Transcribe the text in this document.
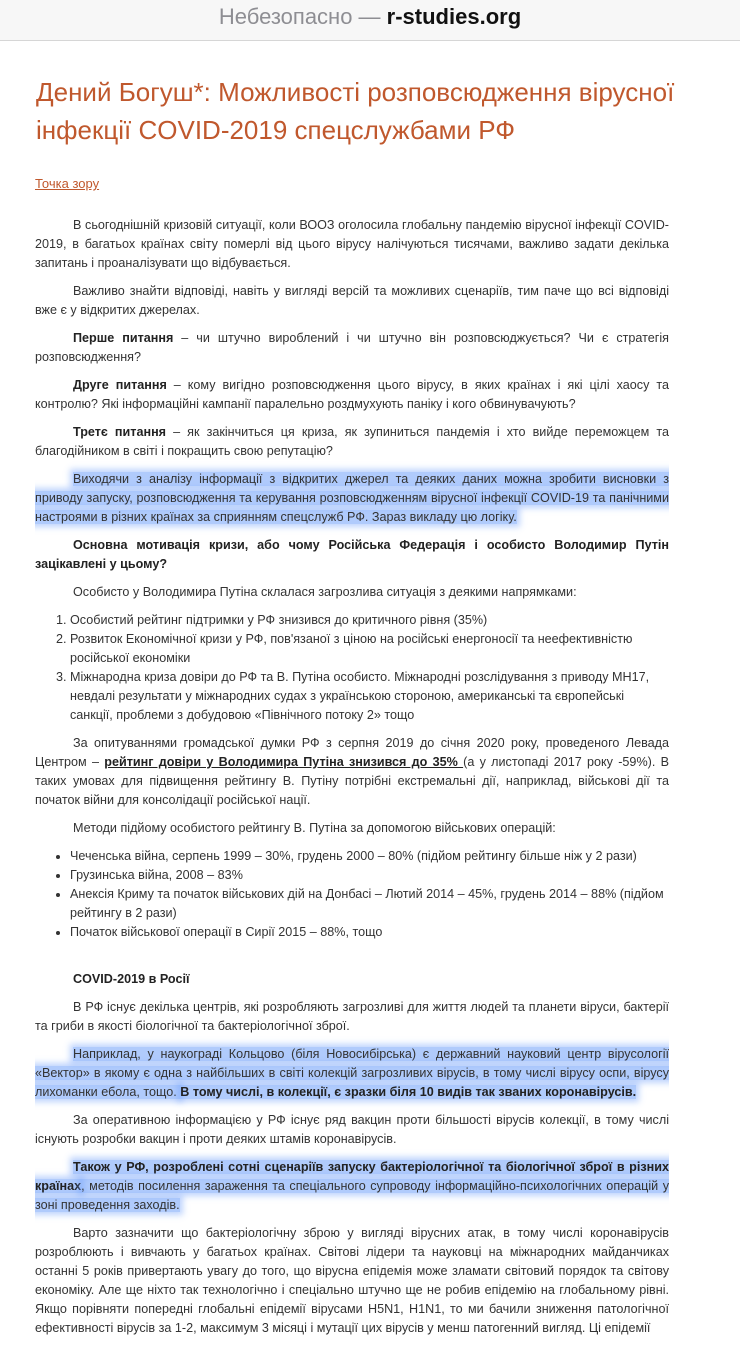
Небезопасно — r-studies.org
Дений Богуш*: Можливості розповсюдження вірусної інфекції COVID-2019 спецслужбами РФ
Точка зору

В сьогоднішній кризовій ситуації, коли ВООЗ оголосила глобальну пандемію вірусної інфекції COVID-2019, в багатьох країнах світу померлі від цього вірусу налічуються тисячами, важливо задати декілька запитань і проаналізувати що відбувається.

Важливо знайти відповіді, навіть у вигляді версій та можливих сценаріїв, тим паче що всі відповіді вже є у відкритих джерелах.

Перше питання – чи штучно вироблений і чи штучно він розповсюджується? Чи є стратегія розповсюдження?

Друге питання – кому вигідно розповсюдження цього вірусу, в яких країнах і які цілі хаосу та контролю? Які інформаційні кампанії паралельно роздмухують паніку і кого обвинувачують?

Третє питання – як закінчиться ця криза, як зупиниться пандемія і хто вийде переможцем та благодійником в світі і покращить свою репутацію?

Виходячи з аналізу інформації з відкритих джерел та деяких даних можна зробити висновки з приводу запуску, розповсюдження та керування розповсюдженням вірусної інфекції COVID-19 та панічними настроями в різних країнах за сприянням спецслужб РФ. Зараз викладу цю логіку.

Основна мотивація кризи, або чому Російська Федерація і особисто Володимир Путін зацікавлені у цьому?

Особисто у Володимира Путіна склалася загрозлива ситуація з деякими напрямками:

1. Особистий рейтинг підтримки у РФ знизився до критичного рівня (35%)
2. Розвиток Економічної кризи у РФ, пов'язаної з ціною на російські енергоносії та неефективністю російської економіки
3. Міжнародна криза довіри до РФ та В. Путіна особисто. Міжнародні розслідування з приводу MH17, невдалі результати у міжнародних судах з українською стороною, американські та європейські санкції, проблеми з добудовою «Північного потоку 2» тощо

За опитуваннями громадської думки РФ з серпня 2019 до січня 2020 року, проведеного Левада Центром – рейтинг довіри у Володимира Путіна знизився до 35% (а у листопаді 2017 року -59%). В таких умовах для підвищення рейтингу В. Путіну потрібні екстремальні дії, наприклад, військові дії та початок війни для консолідації російської нації.

Методи підйому особистого рейтингу В. Путіна за допомогою військових операцій:

• Чеченська війна, серпень 1999 – 30%, грудень 2000 – 80% (підйом рейтингу більше ніж у 2 рази)
• Грузинська війна, 2008 – 83%
• Анексія Криму та початок військових дій на Донбасі – Лютий 2014 – 45%, грудень 2014 – 88% (підйом рейтингу в 2 рази)
• Початок військової операції в Сирії 2015 – 88%, тощо
COVID-2019 в Росії

В РФ існує декілька центрів, які розробляють загрозливі для життя людей та планети віруси, бактерії та гриби в якості біологічної та бактеріологічної зброї.

Наприклад, у наукограді Кольцово (біля Новосибірська) є державний науковий центр вірусології «Вектор» в якому є одна з найбільших в світі колекцій загрозливих вірусів, в тому числі вірусу оспи, вірусу лихоманки ебола, тощо. В тому числі, в колекції, є зразки біля 10 видів так званих коронавірусів.

За оперативною інформацією у РФ існує ряд вакцин проти більшості вірусів колекції, в тому числі існують розробки вакцин і проти деяких штамів коронавірусів.

Також у РФ, розроблені сотні сценаріїв запуску бактеріологічної та біологічної зброї в різних країнах, методів посилення зараження та спеціального супроводу інформаційно-психологічних операцій у зоні проведення заходів.

Варто зазначити що бактеріологічну зброю у вигляді вірусних атак, в тому числі коронавірусів розроблюють і вивчають у багатьох країнах. Світові лідери та науковці на міжнародних майданчиках останні 5 років привертають увагу до того, що вірусна епідемія може зламати світовий порядок та світову економіку. Але ще ніхто так технологічно і спеціально штучно ще не робив епідемію на глобальному рівні. Якщо порівняти попередні глобальні епідемії вірусами H5N1, H1N1, то ми бачили зниження патологічної ефективності вірусів за 1-2, максимум 3 місяці і мутації цих вірусів у менш патогенний вигляд. Ці епідемії
